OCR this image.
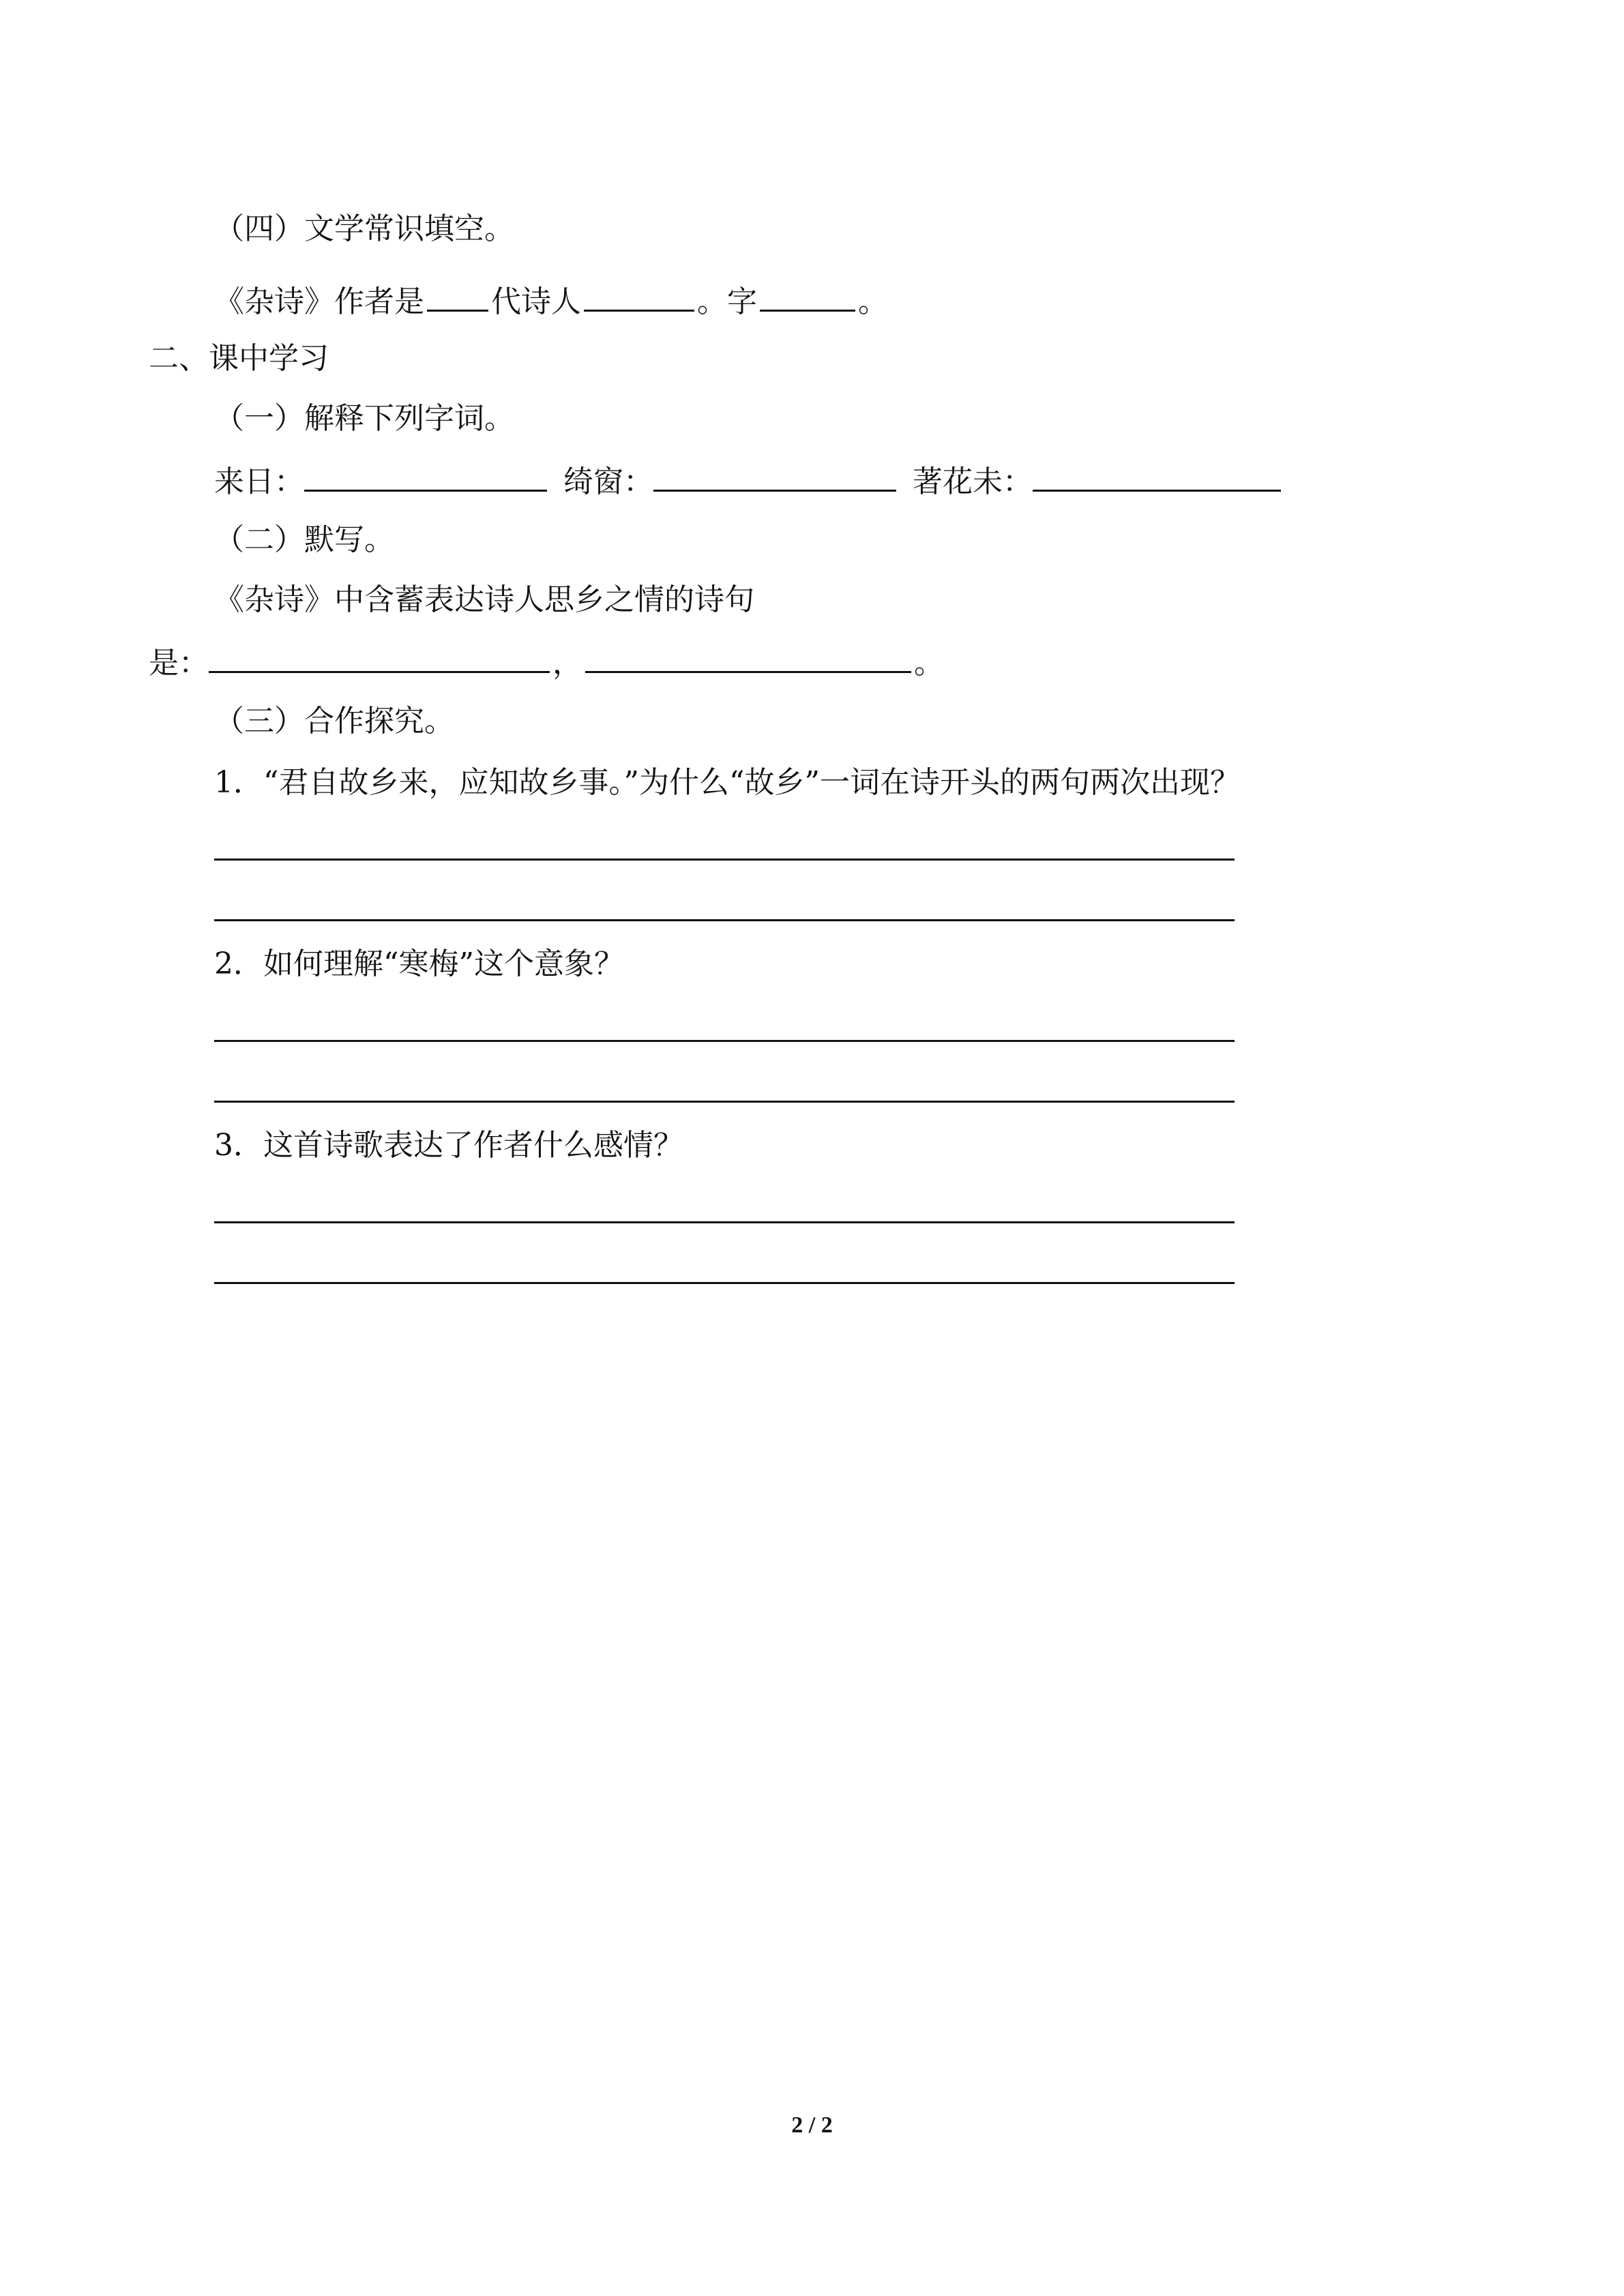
（四）文学常识填空。
《杂诗》作者是 代诗人	。字	。
二、课中学习
（一）解释下列字词。
来日：	绮窗：	著花未：
（二）默写。
《杂诗》中含蓄表达诗人思乡之情的诗句
是：	，	。
（三）合作探究。
1．“君自故乡来，应知故乡事。”为什么“故乡”一词在诗开头的两句两次出现？
2．如何理解“寒梅”这个意象？
3．这首诗歌表达了作者什么感情？
2 / 2
